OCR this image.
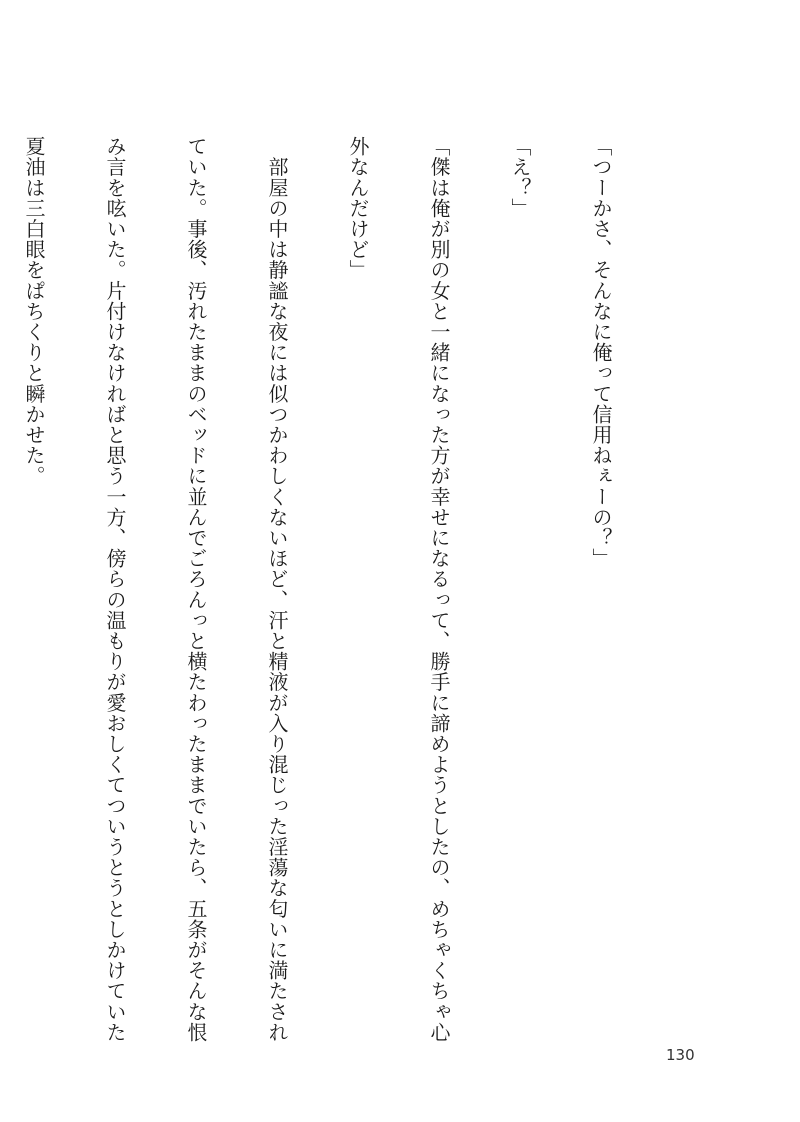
「つーかさ、そんなに俺って信用ねぇーの？」

「え？」

「傑は俺が別の女と一緒になった方が幸せになるって、勝手に諦めようとしたの、めちゃくちゃ心

外なんだけど」

　部屋の中は静謐な夜には似つかわしくないほど、汗と精液が入り混じった淫蕩な匂いに満たされ

ていた。事後、汚れたままのベッドに並んでごろんっと横たわったままでいたら、五条がそんな恨

み言を呟いた。片付けなければと思う一方、傍らの温もりが愛おしくてついうとうとしかけていた

夏油は三白眼をぱちくりと瞬かせた。

130
